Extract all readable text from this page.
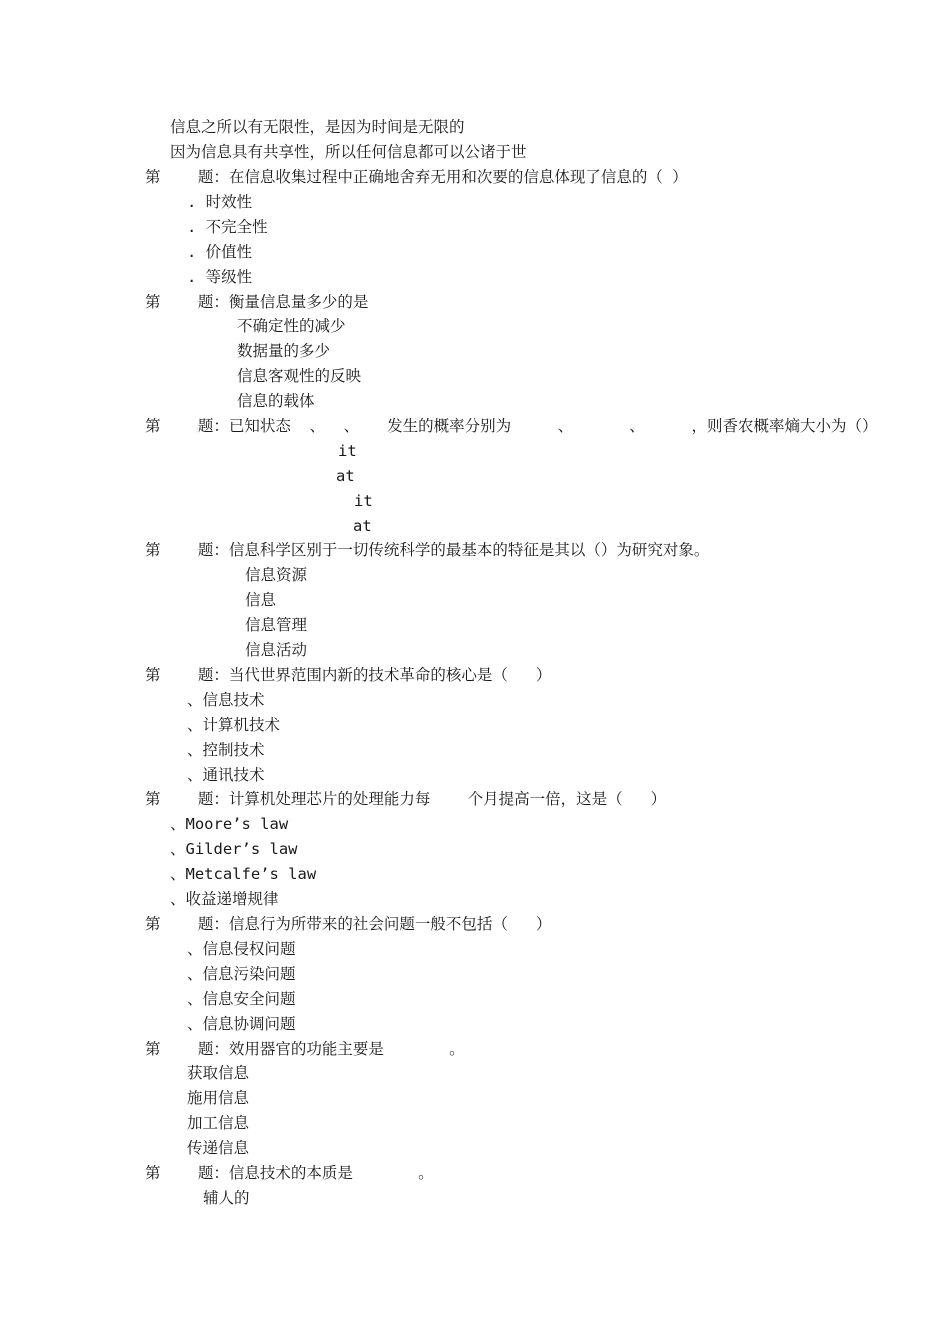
信息之所以有无限性，是因为时间是无限的
因为信息具有共享性，所以任何信息都可以公诸于世
第    题：在信息收集过程中正确地舍弃无用和次要的信息体现了信息的（ ）
. 时效性
. 不完全性
. 价值性
. 等级性
第    题：衡量信息量多少的是
不确定性的减少
数据量的多少
信息客观性的反映
信息的载体
第    题：已知状态  、  、   发生的概率分别为     、      、     ，则香农概率熵大小为（）
it
at
it
at
第    题：信息科学区别于一切传统科学的最基本的特征是其以（）为研究对象。
信息资源
信息
信息管理
信息活动
第    题：当代世界范围内新的技术革命的核心是（   ）
、信息技术
、计算机技术
、控制技术
、通讯技术
第    题：计算机处理芯片的处理能力每    个月提高一倍，这是（   ）
、Moore’s law
、Gilder’s law
、Metcalfe’s law
、收益递增规律
第    题：信息行为所带来的社会问题一般不包括（   ）
、信息侵权问题
、信息污染问题
、信息安全问题
、信息协调问题
第    题：效用器官的功能主要是       。
获取信息
施用信息
加工信息
传递信息
第    题：信息技术的本质是       。
辅人的
